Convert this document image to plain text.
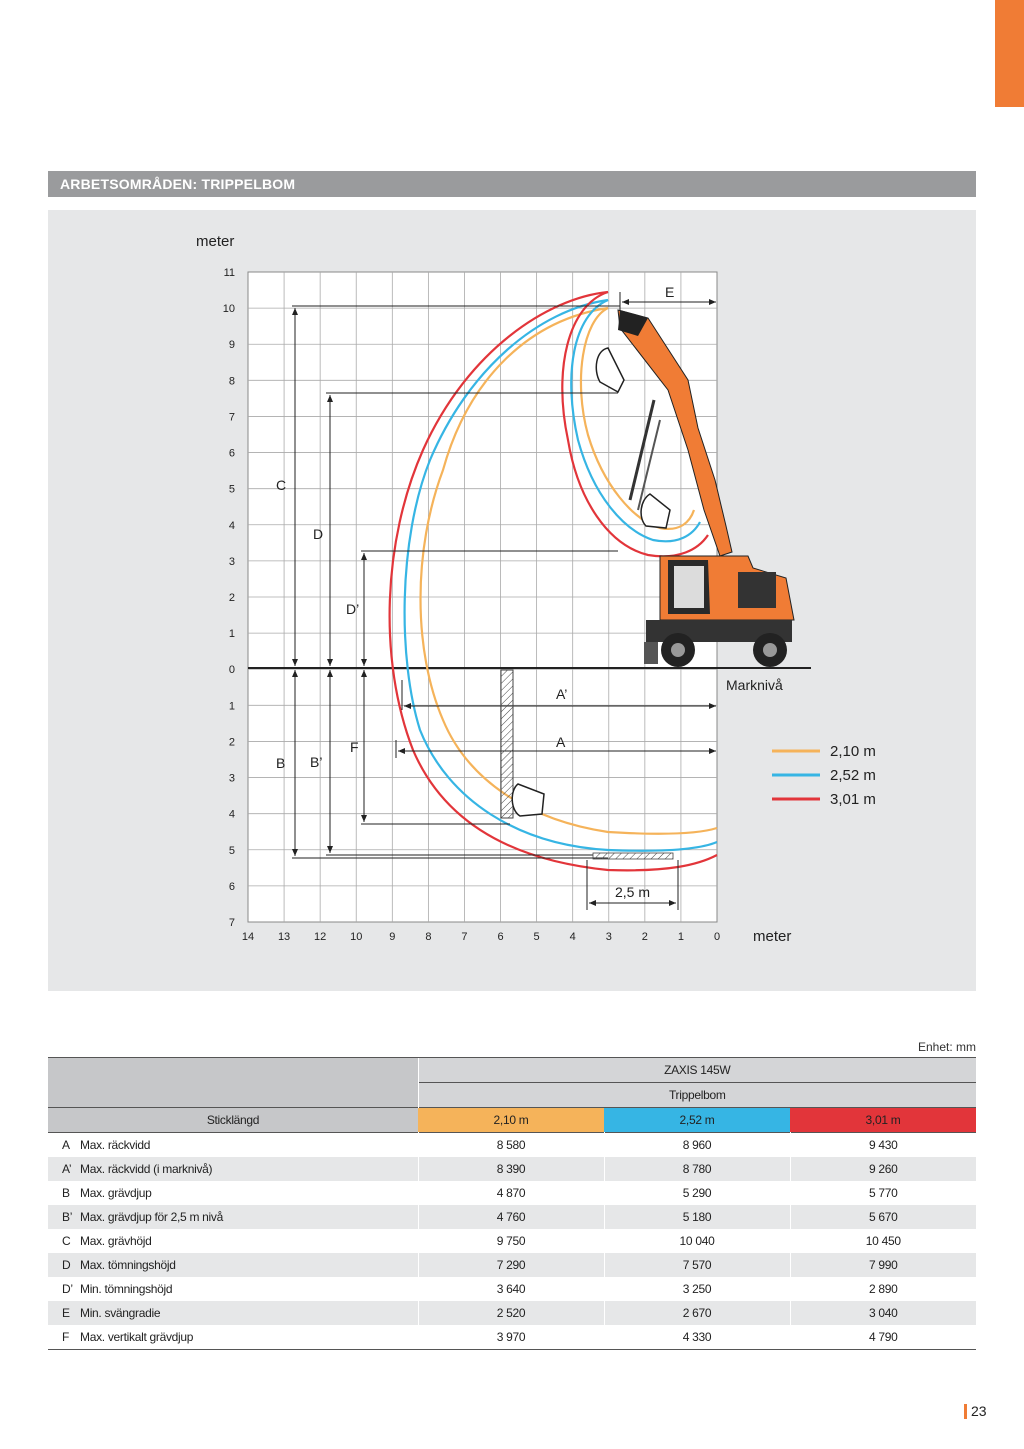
ARBETSOMRÅDEN: TRIPPELBOM
11
10
9
8
7
6
5
4
3
2
1
0
1
2
3
4
5
6
7
14 13 12 10 9	8	7	6	5	4	3	2	1	0
meter
meter
Marknivå
C
D
D’
B B’
F	A
A’
E
2,5 m
2,10 m
2,52 m
3,01 m
Enhet: mm
	ZAXIS 145W		
	Trippelbom		
Sticklängd	2,10 m	2,52 m	3,01 m
A Max. räckvidd	8 580	8 960	9 430
A’ Max. räckvidd (i marknivå)	8 390	8 780	9 260
B Max. grävdjup	4 870	5 290	5 770
B’ Max. grävdjup för 2,5 m nivå	4 760	5 180	5 670
C Max. grävhöjd	9 750	10 040	10 450
D Max. tömningshöjd	7 290	7 570	7 990
D’ Min. tömningshöjd	3 640	3 250	2 890
E Min. svängradie	2 520	2 670	3 040
F Max. vertikalt grävdjup	3 970	4 330	4 790
23
